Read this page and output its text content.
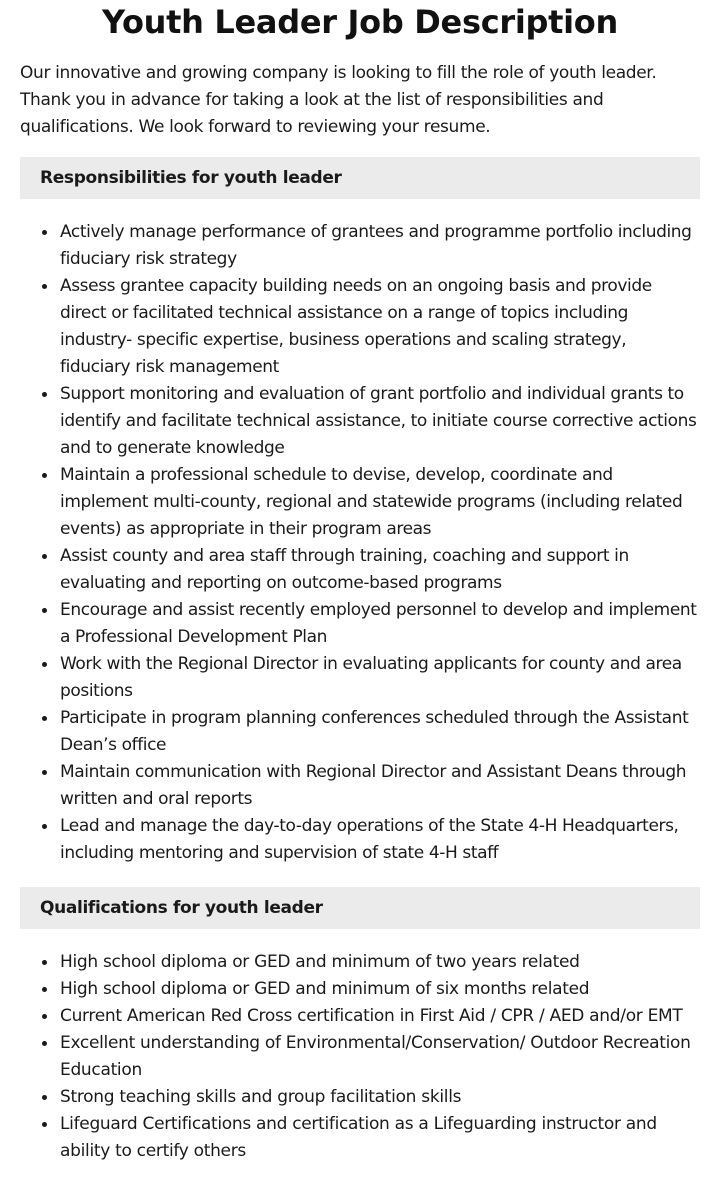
Youth Leader Job Description

Our innovative and growing company is looking to fill the role of youth leader. Thank you in advance for taking a look at the list of responsibilities and qualifications. We look forward to reviewing your resume.

Responsibilities for youth leader
Actively manage performance of grantees and programme portfolio including fiduciary risk strategy
Assess grantee capacity building needs on an ongoing basis and provide direct or facilitated technical assistance on a range of topics including industry- specific expertise, business operations and scaling strategy, fiduciary risk management
Support monitoring and evaluation of grant portfolio and individual grants to identify and facilitate technical assistance, to initiate course corrective actions and to generate knowledge
Maintain a professional schedule to devise, develop, coordinate and implement multi-county, regional and statewide programs (including related events) as appropriate in their program areas
Assist county and area staff through training, coaching and support in evaluating and reporting on outcome-based programs
Encourage and assist recently employed personnel to develop and implement a Professional Development Plan
Work with the Regional Director in evaluating applicants for county and area positions
Participate in program planning conferences scheduled through the Assistant Dean’s office
Maintain communication with Regional Director and Assistant Deans through written and oral reports
Lead and manage the day-to-day operations of the State 4-H Headquarters, including mentoring and supervision of state 4-H staff
Qualifications for youth leader
High school diploma or GED and minimum of two years related
High school diploma or GED and minimum of six months related
Current American Red Cross certification in First Aid / CPR / AED and/or EMT
Excellent understanding of Environmental/Conservation/ Outdoor Recreation Education
Strong teaching skills and group facilitation skills
Lifeguard Certifications and certification as a Lifeguarding instructor and ability to certify others
